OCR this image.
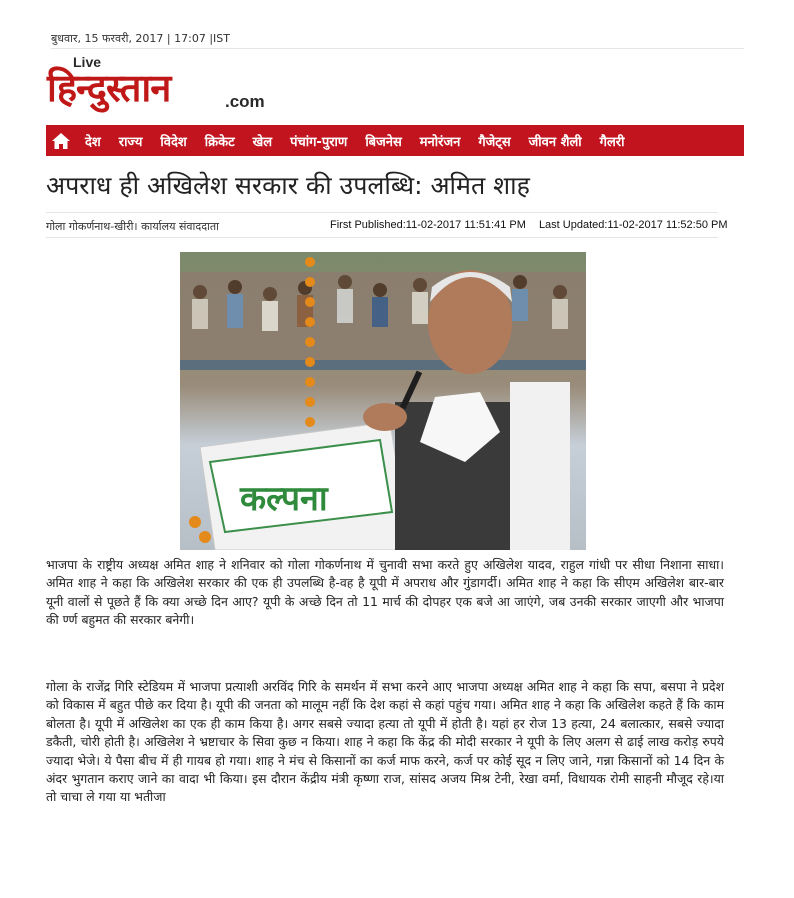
बुधवार, 15 फरवरी, 2017 | 17:07 |IST
Live
हिन्दुस्तान	.com
देश	राज्य	विदेश	क्रिकेट	खेल	पंचांग-पुराण	बिजनेस	मनोरंजन	गैजेट्स	जीवन शैली	गैलरी
अपराध ही अखिलेश सरकार की उपलब्धि: अमित शाह
गोला गोकर्णनाथ-खीरी। कार्यालय संवाददाता	First Published:11-02-2017 11:51:41 PM Last Updated:11-02-2017 11:52:50 PM
कल्पना

भाजपा के राष्ट्रीय अध्यक्ष अमित शाह ने शनिवार को गोला गोकर्णनाथ में चुनावी सभा करते हुए अखिलेश यादव, राहुल गांधी पर सीधा निशाना साधा। अमित शाह ने कहा कि अखिलेश सरकार की एक ही उपलब्धि है-वह है यूपी में अपराध और गुंडागर्दी। अमित शाह ने कहा कि सीएम अखिलेश बार-बार यूनी वालों से पूछते हैं कि क्या अच्छे दिन आए? यूपी के अच्छे दिन तो 11 मार्च की दोपहर एक बजे आ जाएंगे, जब उनकी सरकार जाएगी और भाजपा की र्ण्ण बहुमत की सरकार बनेगी।

गोला के राजेंद्र गिरि स्टेडियम में भाजपा प्रत्याशी अरविंद गिरि के समर्थन में सभा करने आए भाजपा अध्यक्ष अमित शाह ने कहा कि सपा, बसपा ने प्रदेश को विकास में बहुत पीछे कर दिया है। यूपी की जनता को मालूम नहीं कि देश कहां से कहां पहुंच गया। अमित शाह ने कहा कि अखिलेश कहते हैं कि काम बोलता है। यूपी में अखिलेश का एक ही काम किया है। अगर सबसे ज्यादा हत्या तो यूपी में होती है। यहां हर रोज 13 हत्या, 24 बलात्कार, सबसे ज्यादा डकैती, चोरी होती है। अखिलेश ने भ्रष्टाचार के सिवा कुछ न किया। शाह ने कहा कि केंद्र की मोदी सरकार ने यूपी के लिए अलग से ढाई लाख करोड़ रुपये ज्यादा भेजे। ये पैसा बीच में ही गायब हो गया। शाह ने मंच से किसानों का कर्ज माफ करने, कर्ज पर कोई सूद न लिए जाने, गन्ना किसानों को 14 दिन के अंदर भुगतान कराए जाने का वादा भी किया। इस दौरान केंद्रीय मंत्री कृष्णा राज, सांसद अजय मिश्र टेनी, रेखा वर्मा, विधायक रोमी साहनी मौजूद रहे।या तो चाचा ले गया या भतीजा
